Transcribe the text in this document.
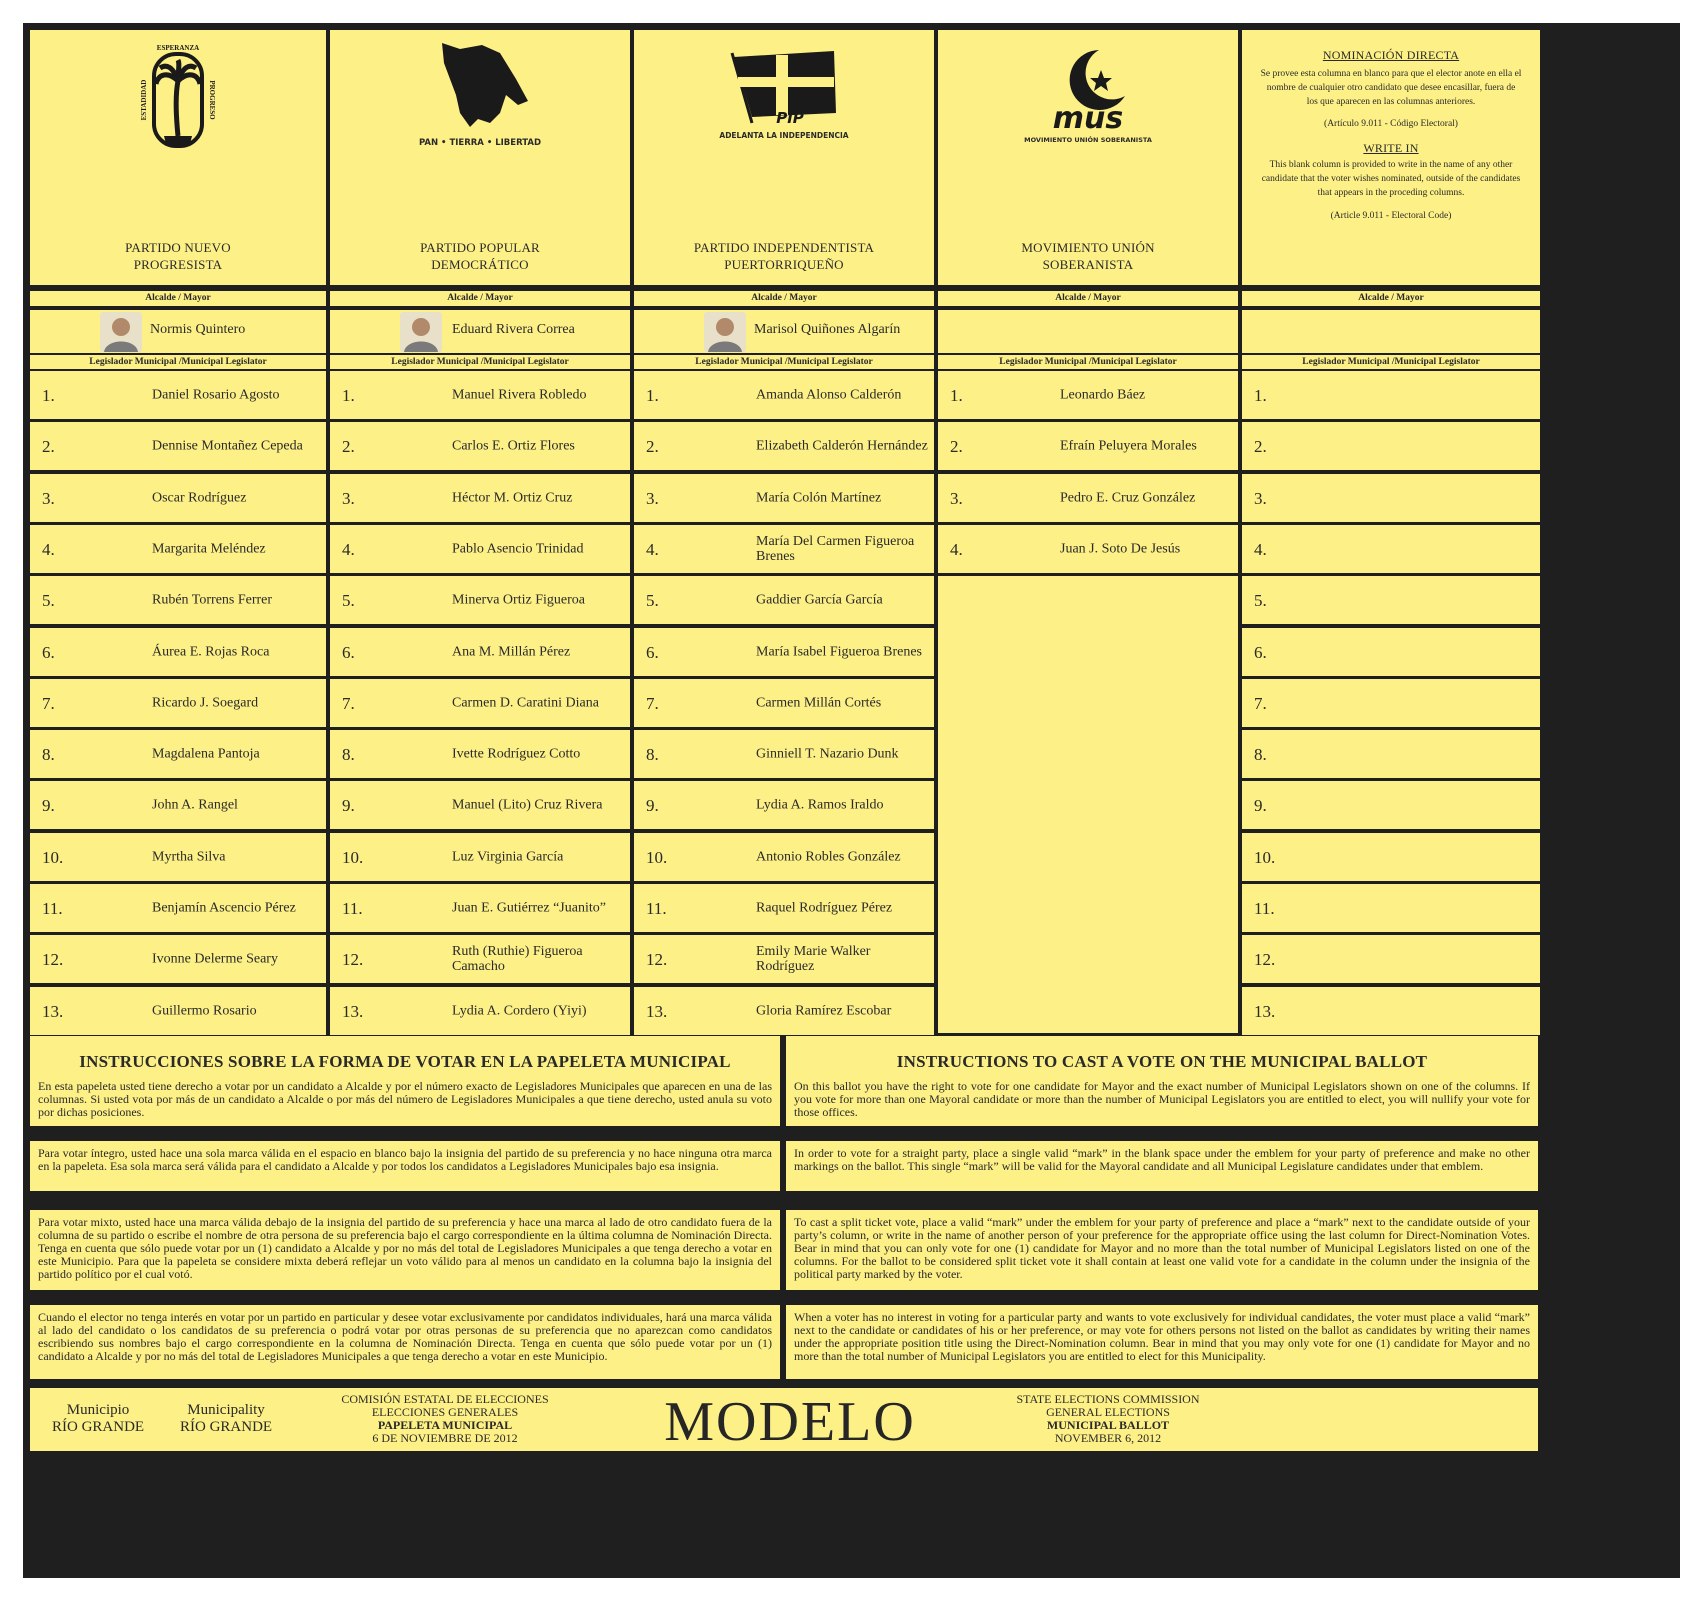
ESPERANZA
ESTADIDAD	PROGRESO
PARTIDO NUEVO
PROGRESISTA
PAN • TIERRA • LIBERTAD
PARTIDO POPULAR
DEMOCRÁTICO
PIP
ADELANTA LA INDEPENDENCIA
PARTIDO INDEPENDENTISTA
PUERTORRIQUEÑO
mus
MOVIMIENTO UNIÓN SOBERANISTA
MOVIMIENTO UNIÓN
SOBERANISTA
NOMINACIÓN DIRECTA
Se provee esta columna en blanco para que el elector anote en ella el nombre de cualquier otro candidato que desee encasillar, fuera de los que aparecen en las columnas anteriores.
(Artículo 9.011 - Código Electoral)
WRITE IN
This blank column is provided to write in the name of any other candidate that the voter wishes nominated, outside of the candidates that appears in the proceding columns.
(Article 9.011 - Electoral Code)
Alcalde / Mayor
Normis Quintero
Legislador Municipal /Municipal Legislator
1.	Daniel Rosario Agosto
2.	Dennise Montañez Cepeda
3.	Oscar Rodríguez
4.	Margarita Meléndez
5.	Rubén Torrens Ferrer
6.	Áurea E. Rojas Roca
7.	Ricardo J. Soegard
8.	Magdalena Pantoja
9.	John A. Rangel
10.	Myrtha Silva
11.	Benjamín Ascencio Pérez
12.	Ivonne Delerme Seary
13.	Guillermo Rosario
Alcalde / Mayor
Eduard Rivera Correa
Legislador Municipal /Municipal Legislator
1.	Manuel Rivera Robledo
2.	Carlos E. Ortiz Flores
3.	Héctor M. Ortiz Cruz
4.	Pablo Asencio Trinidad
5.	Minerva Ortiz Figueroa
6.	Ana M. Millán Pérez
7.	Carmen D. Caratini Diana
8.	Ivette Rodríguez Cotto
9.	Manuel (Lito) Cruz Rivera
10.	Luz Virginia García
11.	Juan E. Gutiérrez “Juanito”
12.	Ruth (Ruthie) Figueroa Camacho
13.	Lydia A. Cordero (Yiyi)
Alcalde / Mayor
Marisol Quiñones Algarín
Legislador Municipal /Municipal Legislator
1.	Amanda Alonso Calderón
2.	Elizabeth Calderón Hernández
3.	María Colón Martínez
4.	María Del Carmen Figueroa Brenes
5.	Gaddier García García
6.	María Isabel Figueroa Brenes
7.	Carmen Millán Cortés
8.	Ginniell T. Nazario Dunk
9.	Lydia A. Ramos Iraldo
10.	Antonio Robles González
11.	Raquel Rodríguez Pérez
12.	Emily Marie Walker Rodríguez
13.	Gloria Ramírez Escobar
Alcalde / Mayor
Legislador Municipal /Municipal Legislator
1.	Leonardo Báez
2.	Efraín Peluyera Morales
3.	Pedro E. Cruz González
4.	Juan J. Soto De Jesús
Alcalde / Mayor
Legislador Municipal /Municipal Legislator
1.
2.
3.
4.
5.
6.
7.
8.
9.
10.
11.
12.
13.
INSTRUCCIONES SOBRE LA FORMA DE VOTAR EN LA PAPELETA MUNICIPAL
En esta papeleta usted tiene derecho a votar por un candidato a Alcalde y por el número exacto de Legisladores Municipales que aparecen en una de las columnas. Si usted vota por más de un candidato a Alcalde o por más del número de Legisladores Municipales a que tiene derecho, usted anula su voto por dichas posiciones.
INSTRUCTIONS TO CAST A VOTE ON THE MUNICIPAL BALLOT
On this ballot you have the right to vote for one candidate for Mayor and the exact number of Municipal Legislators shown on one of the columns. If you vote for more than one Mayoral candidate or more than the number of Municipal Legislators you are entitled to elect, you will nullify your vote for those offices.
Para votar íntegro, usted hace una sola marca válida en el espacio en blanco bajo la insignia del partido de su preferencia y no hace ninguna otra marca en la papeleta. Esa sola marca será válida para el candidato a Alcalde y por todos los candidatos a Legisladores Municipales bajo esa insignia.
In order to vote for a straight party, place a single valid “mark” in the blank space under the emblem for your party of preference and make no other markings on the ballot. This single “mark” will be valid for the Mayoral candidate and all Municipal Legislature candidates under that emblem.
Para votar mixto, usted hace una marca válida debajo de la insignia del partido de su preferencia y hace una marca al lado de otro candidato fuera de la columna de su partido o escribe el nombre de otra persona de su preferencia bajo el cargo correspondiente en la última columna de Nominación Directa. Tenga en cuenta que sólo puede votar por un (1) candidato a Alcalde y por no más del total de Legisladores Municipales a que tenga derecho a votar en este Municipio. Para que la papeleta se considere mixta deberá reflejar un voto válido para al menos un candidato en la columna bajo la insignia del partido político por el cual votó.
To cast a split ticket vote, place a valid “mark” under the emblem for your party of preference and place a “mark” next to the candidate outside of your party’s column, or write in the name of another person of your preference for the appropriate office using the last column for Direct-Nomination Votes. Bear in mind that you can only vote for one (1) candidate for Mayor and no more than the total number of Municipal Legislators listed on one of the columns. For the ballot to be considered split ticket vote it shall contain at least one valid vote for a candidate in the column under the insignia of the political party marked by the voter.
Cuando el elector no tenga interés en votar por un partido en particular y desee votar exclusivamente por candidatos individuales, hará una marca válida al lado del candidato o los candidatos de su preferencia o podrá votar por otras personas de su preferencia que no aparezcan como candidatos escribiendo sus nombres bajo el cargo correspondiente en la columna de Nominación Directa. Tenga en cuenta que sólo puede votar por un (1) candidato a Alcalde y por no más del total de Legisladores Municipales a que tenga derecho a votar en este Municipio.
When a voter has no interest in voting for a particular party and wants to vote exclusively for individual candidates, the voter must place a valid “mark” next to the candidate or candidates of his or her preference, or may vote for others persons not listed on the ballot as candidates by writing their names under the appropriate position title using the Direct-Nomination column. Bear in mind that you may only vote for one (1) candidate for Mayor and no more than the total number of Municipal Legislators you are entitled to elect for this Municipality.
Municipio
RÍO GRANDE
Municipality
RÍO GRANDE
COMISIÓN ESTATAL DE ELECCIONES
ELECCIONES GENERALES
PAPELETA MUNICIPAL
6 DE NOVIEMBRE DE 2012	MODELO	STATE ELECTIONS COMMISSION
GENERAL ELECTIONS
MUNICIPAL BALLOT
NOVEMBER 6, 2012
